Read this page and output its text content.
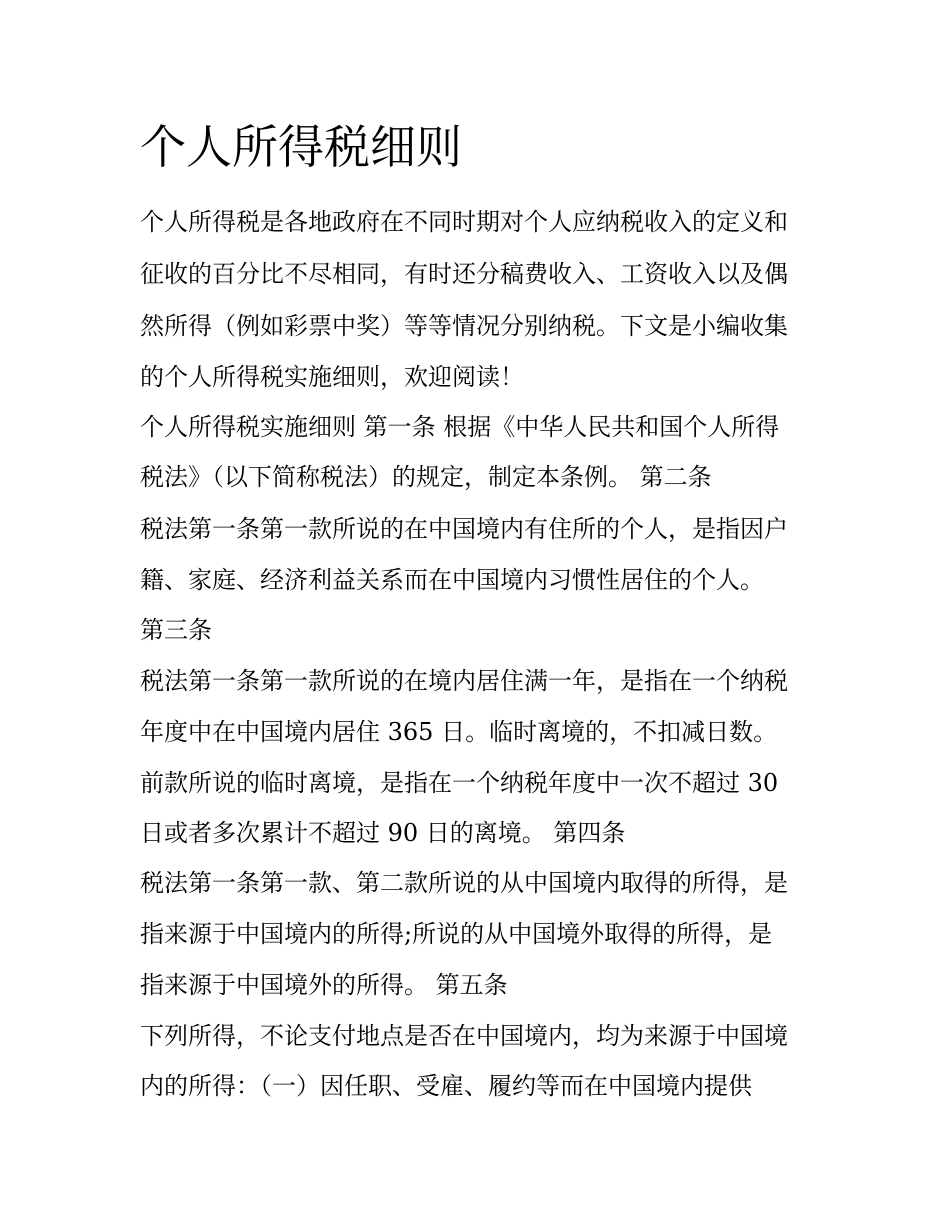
个人所得税细则

个人所得税是各地政府在不同时期对个人应纳税收入的定义和

征收的百分比不尽相同，有时还分稿费收入、工资收入以及偶

然所得（例如彩票中奖）等等情况分别纳税。下文是小编收集

的个人所得税实施细则，欢迎阅读！

个人所得税实施细则 第一条 根据《中华人民共和国个人所得

税法》（以下简称税法）的规定，制定本条例。 第二条

税法第一条第一款所说的在中国境内有住所的个人，是指因户

籍、家庭、经济利益关系而在中国境内习惯性居住的个人。

第三条

税法第一条第一款所说的在境内居住满一年，是指在一个纳税

年度中在中国境内居住 365 日。临时离境的，不扣减日数。

前款所说的临时离境，是指在一个纳税年度中一次不超过 30

日或者多次累计不超过 90 日的离境。 第四条

税法第一条第一款、第二款所说的从中国境内取得的所得，是

指来源于中国境内的所得;所说的从中国境外取得的所得，是

指来源于中国境外的所得。 第五条

下列所得，不论支付地点是否在中国境内，均为来源于中国境

内的所得：（一）因任职、受雇、履约等而在中国境内提供
